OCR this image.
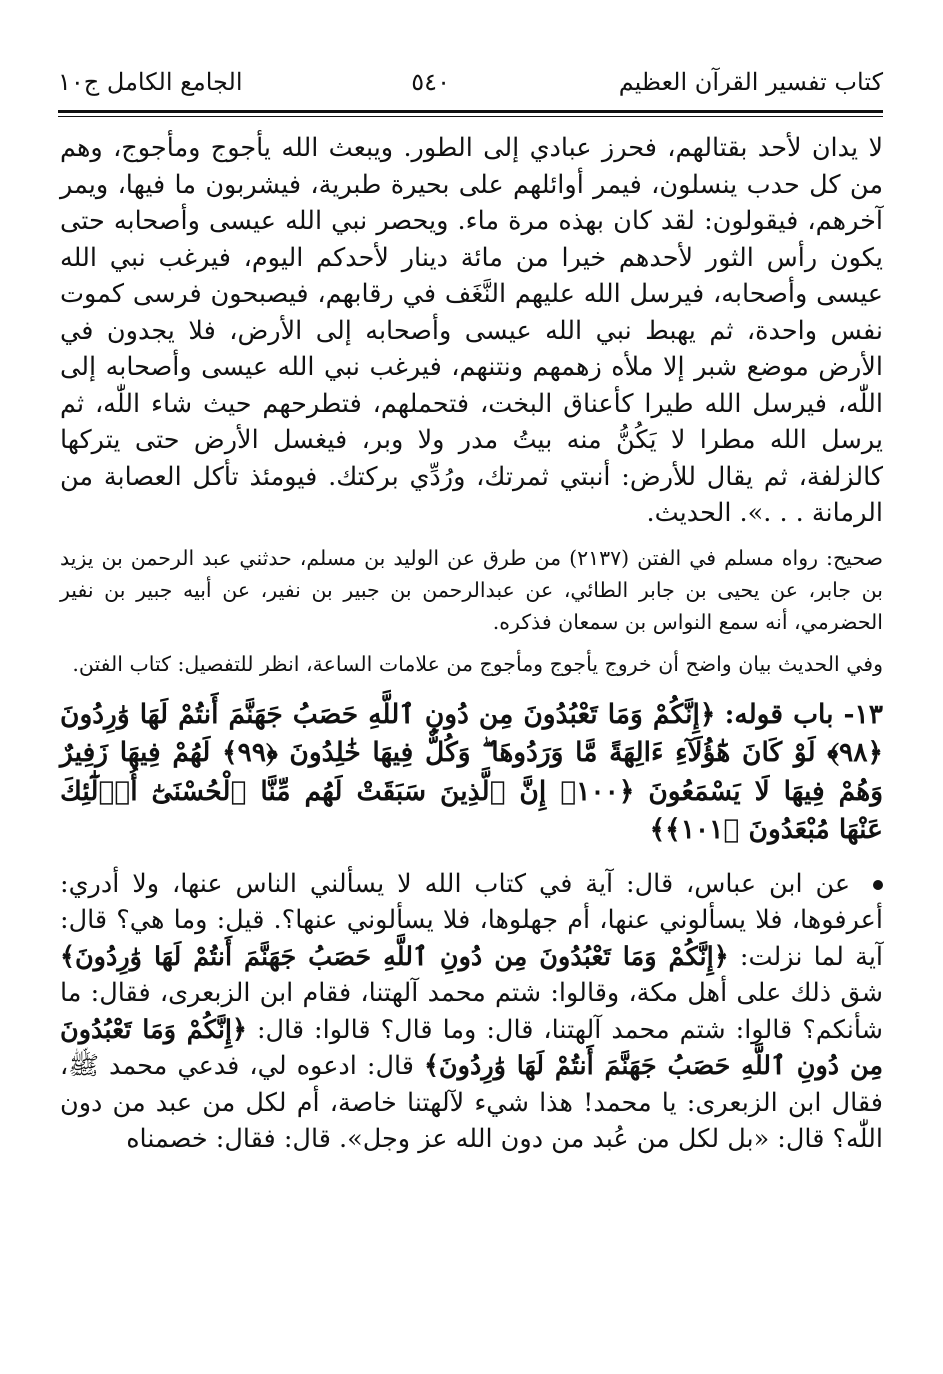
كتاب تفسير القرآن العظيم
٥٤٠
الجامع الكامل ج١٠

لا يدان لأحد بقتالهم، فحرز عبادي إلى الطور. ويبعث الله يأجوج ومأجوج، وهم من كل حدب ينسلون، فيمر أوائلهم على بحيرة طبرية، فيشربون ما فيها، ويمر آخرهم، فيقولون: لقد كان بهذه مرة ماء. ويحصر نبي الله عيسى وأصحابه حتى يكون رأس الثور لأحدهم خيرا من مائة دينار لأحدكم اليوم، فيرغب نبي الله عيسى وأصحابه، فيرسل الله عليهم النَّغَف في رقابهم، فيصبحون فرسى كموت نفس واحدة، ثم يهبط نبي الله عيسى وأصحابه إلى الأرض، فلا يجدون في الأرض موضع شبر إلا ملأه زهمهم ونتنهم، فيرغب نبي الله عيسى وأصحابه إلى اللّٰه، فيرسل الله طيرا كأعناق البخت، فتحملهم، فتطرحهم حيث شاء اللّٰه، ثم يرسل الله مطرا لا يَكُنُّ منه بيتُ مدر ولا وبر، فيغسل الأرض حتى يتركها كالزلفة، ثم يقال للأرض: أنبتي ثمرتك، ورُدِّي بركتك. فيومئذ تأكل العصابة من الرمانة . . .». الحديث.

صحيح: رواه مسلم في الفتن (٢١٣٧) من طرق عن الوليد بن مسلم، حدثني عبد الرحمن بن يزيد بن جابر، عن يحيى بن جابر الطائي، عن عبدالرحمن بن جبير بن نفير، عن أبيه جبير بن نفير الحضرمي، أنه سمع النواس بن سمعان فذكره.

وفي الحديث بيان واضح أن خروج يأجوج ومأجوج من علامات الساعة، انظر للتفصيل: كتاب الفتن.

١٣- باب قوله: ﴿إِنَّكُمْ وَمَا تَعْبُدُونَ مِن دُونِ ٱللَّهِ حَصَبُ جَهَنَّمَ أَنتُمْ لَهَا وَٰرِدُونَ ﴿٩٨﴾ لَوْ كَانَ هَٰٓؤُلَآءِ ءَالِهَةً مَّا وَرَدُوهَا ۖ وَكُلٌّ فِيهَا خَٰلِدُونَ ﴿٩٩﴾ لَهُمْ فِيهَا زَفِيرٌ وَهُمْ فِيهَا لَا يَسْمَعُونَ ﴿١٠٠﴾ إِنَّ ٱلَّذِينَ سَبَقَتْ لَهُم مِّنَّا ٱلْحُسْنَىٰٓ أُو۟لَٰٓئِكَ عَنْهَا مُبْعَدُونَ ﴿١٠١﴾﴾

عن ابن عباس، قال: آية في كتاب الله لا يسألني الناس عنها، ولا أدري: أعرفوها، فلا يسألوني عنها، أم جهلوها، فلا يسألوني عنها؟. قيل: وما هي؟ قال: آية لما نزلت: ﴿إِنَّكُمْ وَمَا تَعْبُدُونَ مِن دُونِ ٱللَّهِ حَصَبُ جَهَنَّمَ أَنتُمْ لَهَا وَٰرِدُونَ﴾ شق ذلك على أهل مكة، وقالوا: شتم محمد آلهتنا، فقام ابن الزبعرى، فقال: ما شأنكم؟ قالوا: شتم محمد آلهتنا، قال: وما قال؟ قالوا: قال: ﴿إِنَّكُمْ وَمَا تَعْبُدُونَ مِن دُونِ ٱللَّهِ حَصَبُ جَهَنَّمَ أَنتُمْ لَهَا وَٰرِدُونَ﴾ قال: ادعوه لي، فدعي محمد ﷺ، فقال ابن الزبعرى: يا محمد! هذا شيء لآلهتنا خاصة، أم لكل من عبد من دون اللّٰه؟ قال: «بل لكل من عُبد من دون الله عز وجل». قال: فقال: خصمناه
